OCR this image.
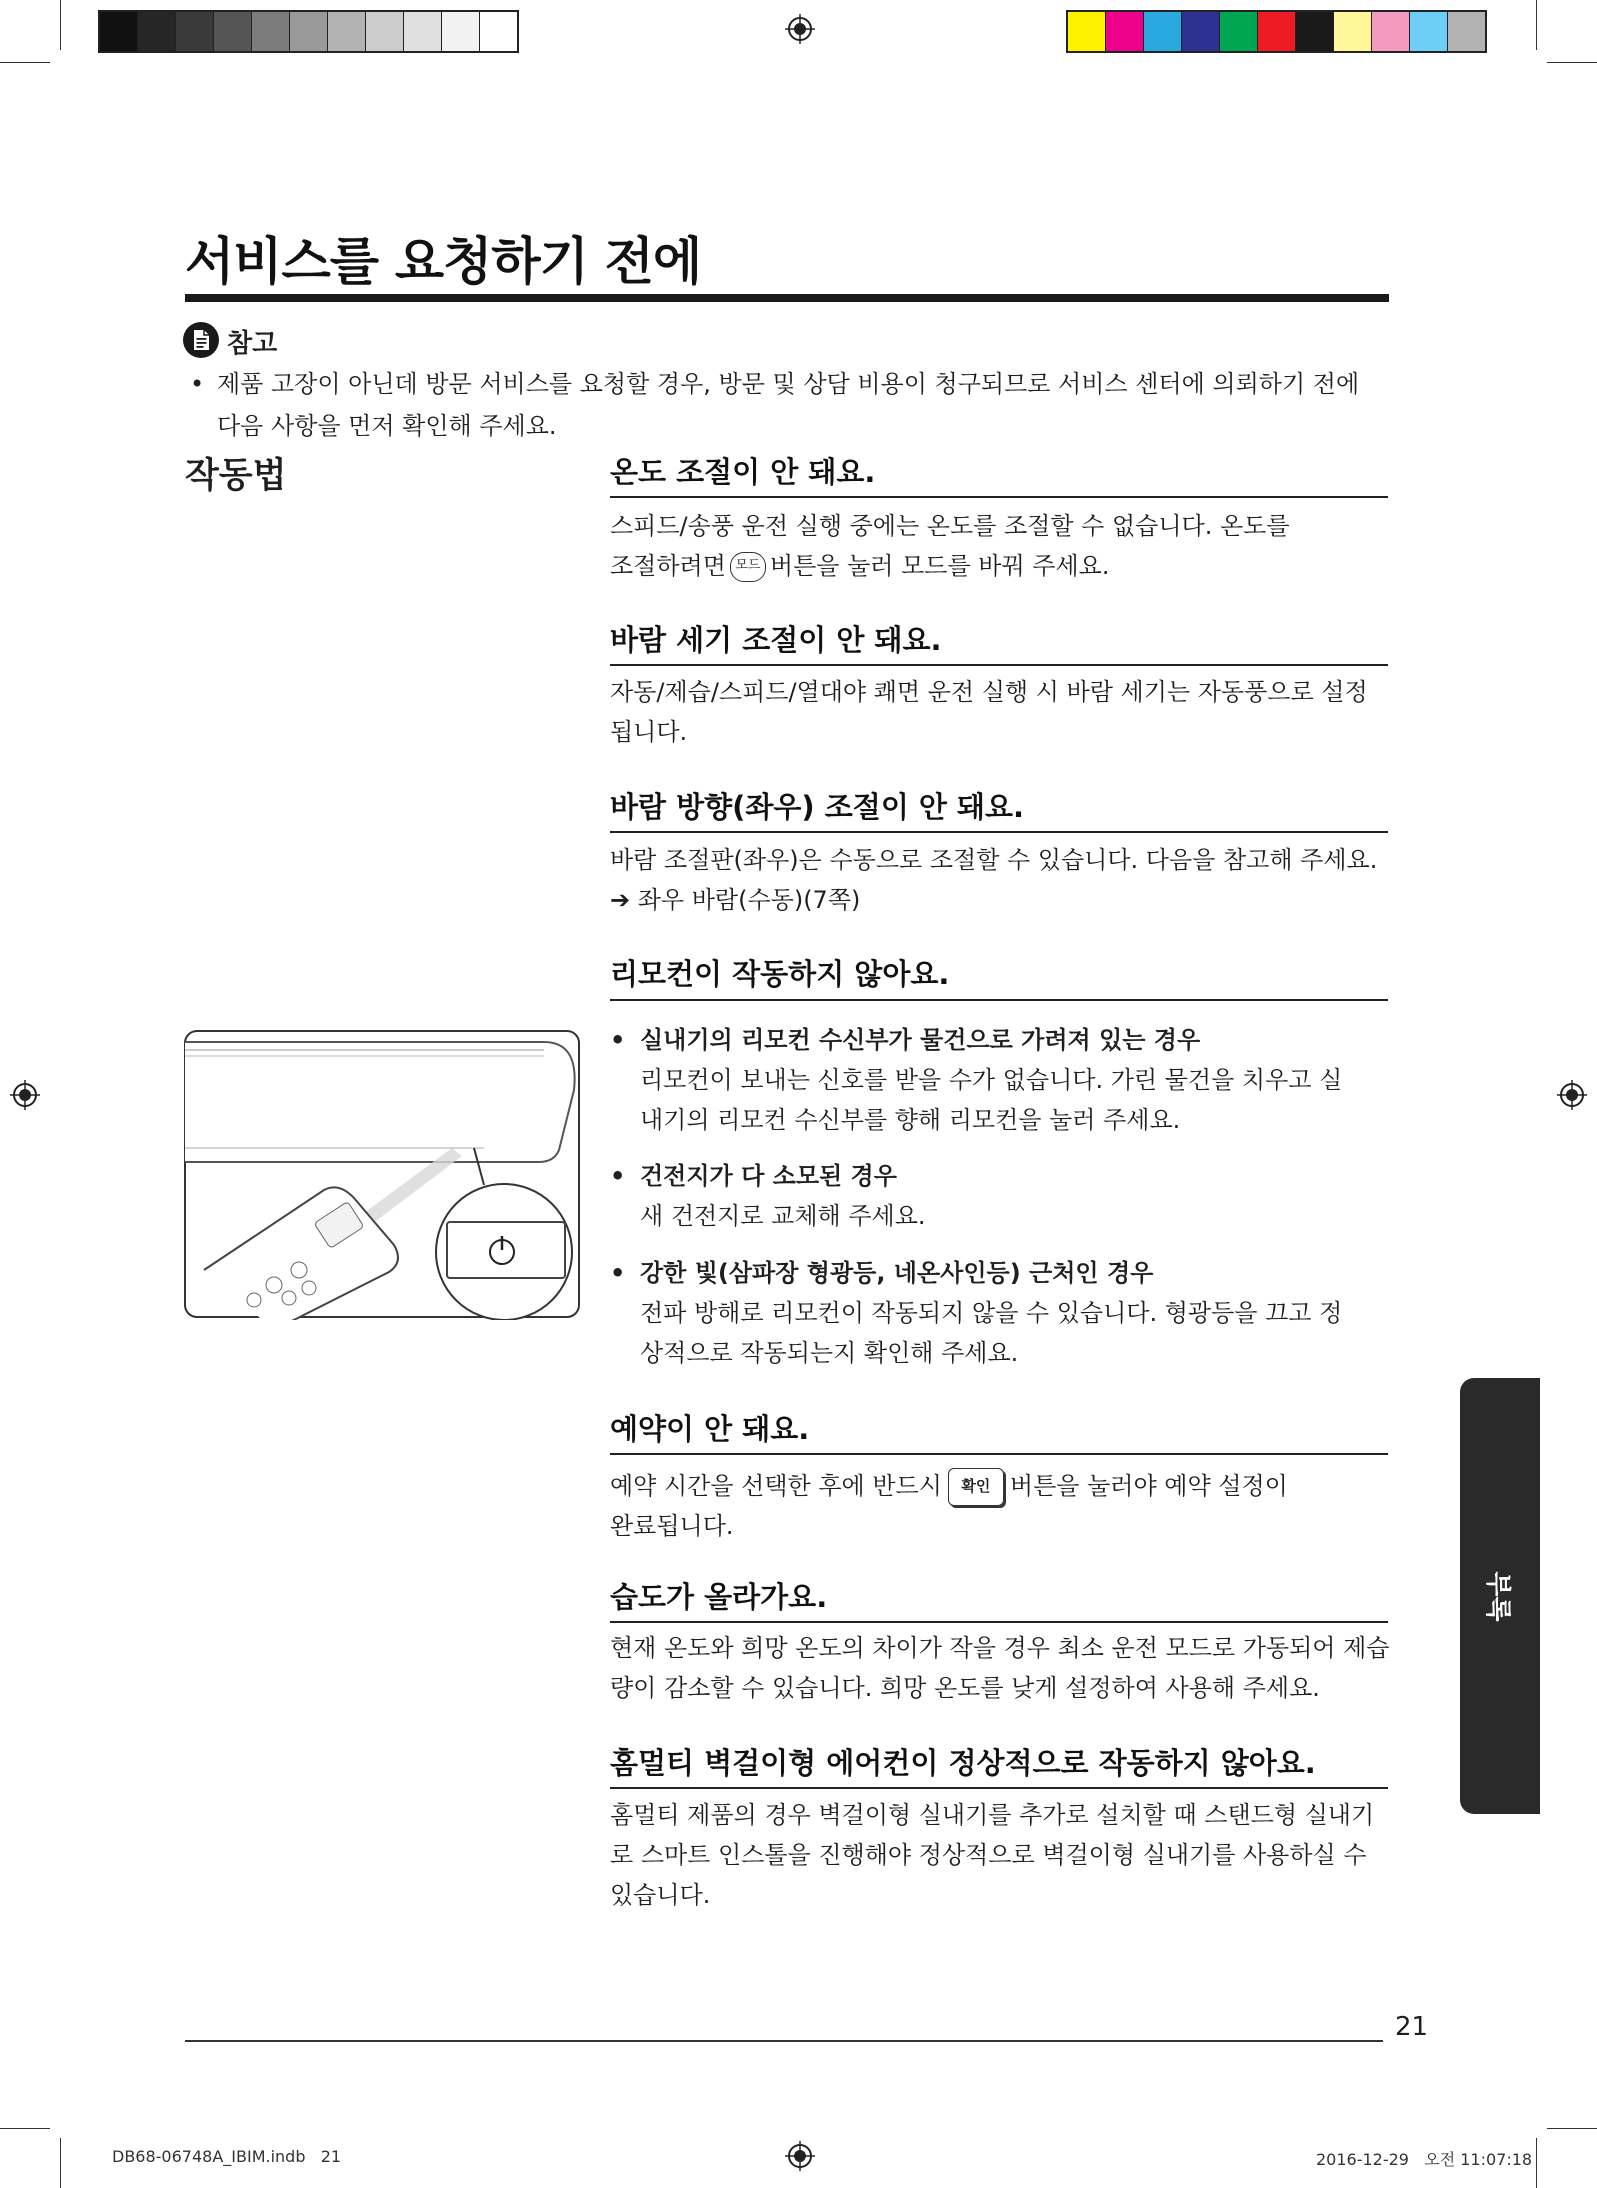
서비스를 요청하기 전에
참고
• 제품 고장이 아닌데 방문 서비스를 요청할 경우, 방문 및 상담 비용이 청구되므로 서비스 센터에 의뢰하기 전에 다음 사항을 먼저 확인해 주세요.
작동법	온도 조절이 안 돼요.
스피드/송풍 운전 실행 중에는 온도를 조절할 수 없습니다. 온도를
조절하려면 모드 버튼을 눌러 모드를 바꿔 주세요.
바람 세기 조절이 안 돼요.
자동/제습/스피드/열대야 쾌면 운전 실행 시 바람 세기는 자동풍으로 설정됩니다.
바람 방향(좌우) 조절이 안 돼요.
바람 조절판(좌우)은 수동으로 조절할 수 있습니다. 다음을 참고해 주세요.
➔ 좌우 바람(수동)(7쪽)
리모컨이 작동하지 않아요.
• 실내기의 리모컨 수신부가 물건으로 가려져 있는 경우
리모컨이 보내는 신호를 받을 수가 없습니다. 가린 물건을 치우고 실내기의 리모컨 수신부를 향해 리모컨을 눌러 주세요.
• 건전지가 다 소모된 경우
새 건전지로 교체해 주세요.
• 강한 빛(삼파장 형광등, 네온사인등) 근처인 경우
전파 방해로 리모컨이 작동되지 않을 수 있습니다. 형광등을 끄고 정상적으로 작동되는지 확인해 주세요.
예약이 안 돼요.
예약 시간을 선택한 후에 반드시 확인 버튼을 눌러야 예약 설정이
완료됩니다.
습도가 올라가요.
현재 온도와 희망 온도의 차이가 작을 경우 최소 운전 모드로 가동되어 제습량이 감소할 수 있습니다. 희망 온도를 낮게 설정하여 사용해 주세요.
홈멀티 벽걸이형 에어컨이 정상적으로 작동하지 않아요.
홈멀티 제품의 경우 벽걸이형 실내기를 추가로 설치할 때 스탠드형 실내기로 스마트 인스톨을 진행해야 정상적으로 벽걸이형 실내기를 사용하실 수 있습니다.
부록
21
DB68-06748A_IBIM.indb   21	2016-12-29   오전 11:07:18
